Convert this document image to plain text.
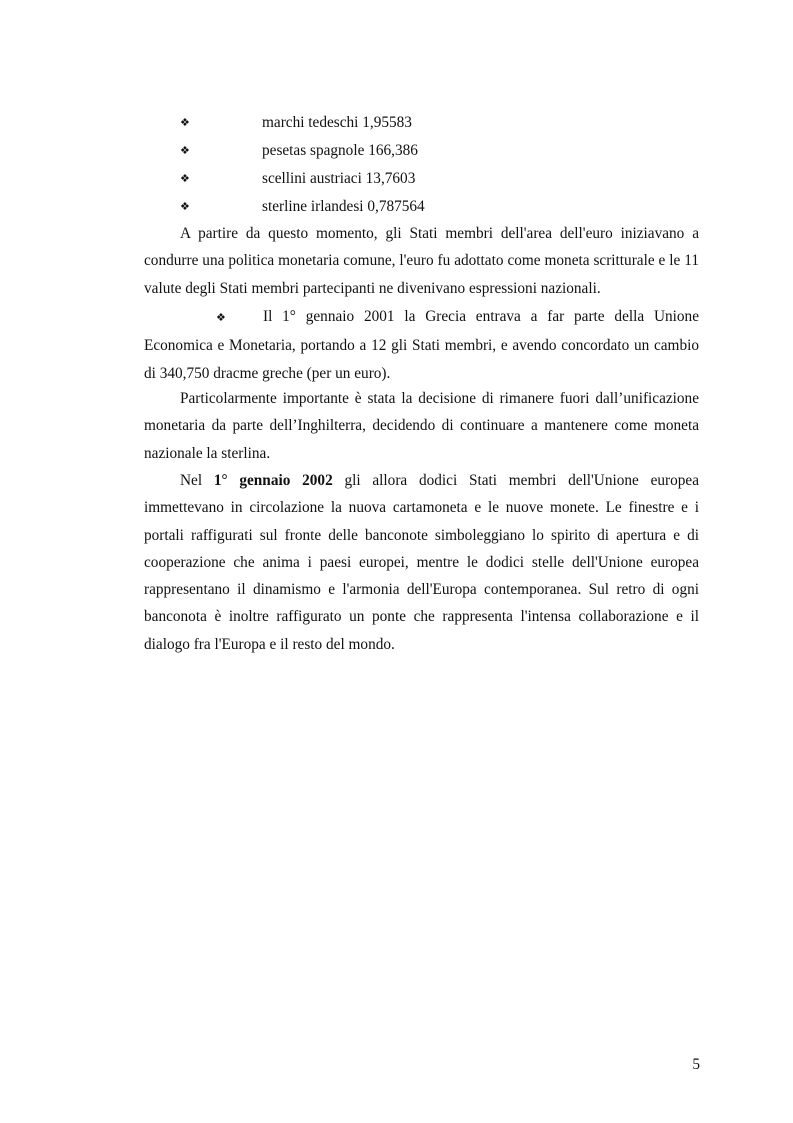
❖	marchi tedeschi 1,95583
❖	pesetas spagnole 166,386
❖	scellini austriaci 13,7603
❖	sterline irlandesi 0,787564

A partire da questo momento, gli Stati membri dell'area dell'euro iniziavano a condurre una politica monetaria comune, l'euro fu adottato come moneta scritturale e le 11 valute degli Stati membri partecipanti ne divenivano espressioni nazionali.

❖ Il 1° gennaio 2001 la Grecia entrava a far parte della Unione Economica e Monetaria, portando a 12 gli Stati membri, e avendo concordato un cambio di 340,750 dracme greche (per un euro).

Particolarmente importante è stata la decisione di rimanere fuori dall’unificazione monetaria da parte dell’Inghilterra, decidendo di continuare a mantenere come moneta nazionale la sterlina.

Nel 1° gennaio 2002 gli allora dodici Stati membri dell'Unione europea immettevano in circolazione la nuova cartamoneta e le nuove monete. Le finestre e i portali raffigurati sul fronte delle banconote simboleggiano lo spirito di apertura e di cooperazione che anima i paesi europei, mentre le dodici stelle dell'Unione europea rappresentano il dinamismo e l'armonia dell'Europa contemporanea. Sul retro di ogni banconota è inoltre raffigurato un ponte che rappresenta l'intensa collaborazione e il dialogo fra l'Europa e il resto del mondo.

5
